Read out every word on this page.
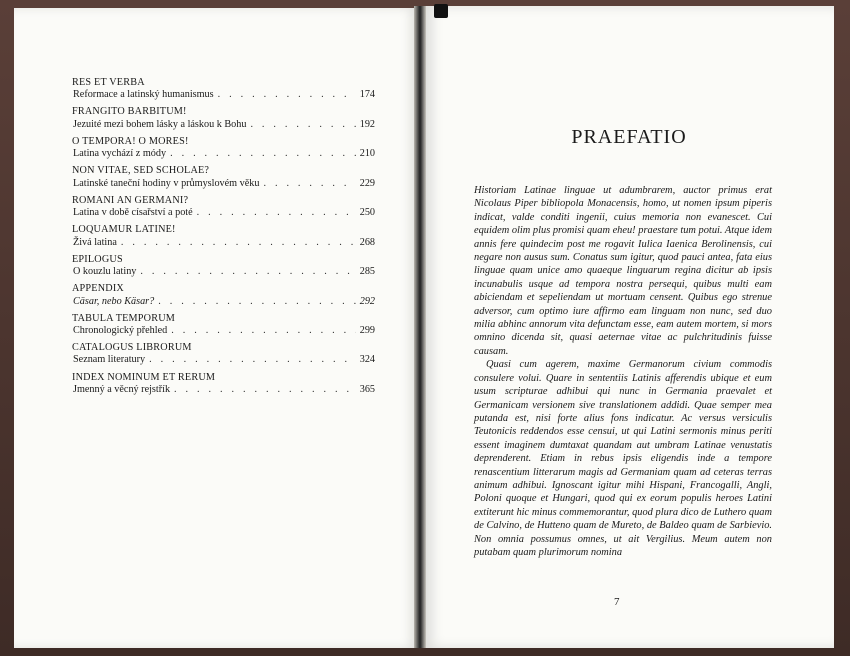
RES ET VERBA
Reformace a latinský humanismus . . .	174
FRANGITO BARBITUM!
Jezuité mezi bohem lásky a láskou k Bohu . . .	192
O TEMPORA! O MORES!
Latina vychází z módy . . .	210
NON VITAE, SED SCHOLAE?
Latinské taneční hodiny v průmyslovém věku . . .	229
ROMANI AN GERMANI?
Latina v době císařství a poté . . .	250
LOQUAMUR LATINE!
Živá latina . . .	268
EPILOGUS
O kouzlu latiny . . .	285
APPENDIX
Cäsar, nebo Käsar? . . .	292
TABULA TEMPORUM
Chronologický přehled . . .	299
CATALOGUS LIBRORUM
Seznam literatury . . .	324
INDEX NOMINUM ET RERUM
Jmenný a věcný rejstřík . . .	365
PRAEFATIO

Historiam Latinae linguae ut adumbrarem, auctor primus erat Nicolaus Piper bibliopola Monacensis, homo, ut nomen ipsum piperis indicat, valde conditi ingenii, cuius memoria non evanescet. Cui equidem olim plus promisi quam eheu! praestare tum potui. Atque idem annis fere quindecim post me rogavit Iulica Iaenica Berolinensis, cui negare non ausus sum. Conatus sum igitur, quod pauci antea, fata eius linguae quam unice amo quaeque linguarum regina dicitur ab ipsis incunabulis usque ad tempora nostra persequi, quibus multi eam abiciendam et sepeliendam ut mortuam censent. Quibus ego strenue adversor, cum optimo iure affirmo eam linguam non nunc, sed duo milia abhinc annorum vita defunctam esse, eam autem mortem, si mors omnino dicenda sit, quasi aeternae vitae ac pulchritudinis fuisse causam.

Quasi cum agerem, maxime Germanorum civium commodis consulere volui. Quare in sententiis Latinis afferendis ubique et eum usum scripturae adhibui qui nunc in Germania praevalet et Germanicam versionem sive translationem addidi. Quae semper mea putanda est, nisi forte alius fons indicatur. Ac versus versiculis Teutonicis reddendos esse censui, ut qui Latini sermonis minus periti essent imaginem dumtaxat quandam aut umbram Latinae venustatis deprenderent. Etiam in rebus ipsis eligendis inde a tempore renascentium litterarum magis ad Germaniam quam ad ceteras terras animum adhibui. Ignoscant igitur mihi Hispani, Francogalli, Angli, Poloni quoque et Hungari, quod qui ex eorum populis heroes Latini extiterunt hic minus commemorantur, quod plura dico de Luthero quam de Calvino, de Hutteno quam de Mureto, de Baldeo quam de Sarbievio. Non omnia possumus omnes, ut ait Vergilius. Meum autem non putabam quam plurimorum nomina

7
